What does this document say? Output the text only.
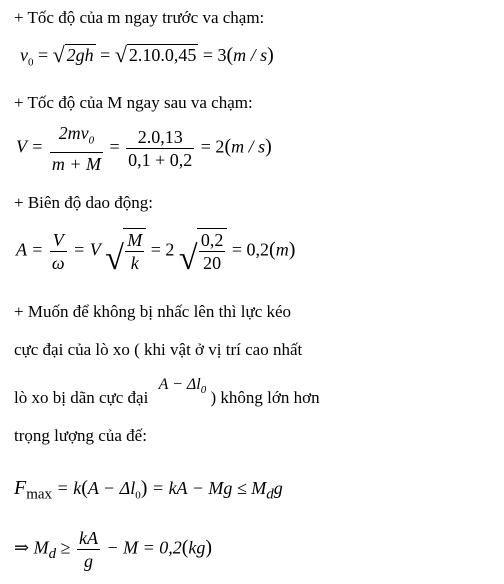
+ Tốc độ của m ngay trước va chạm:
$v_0$ = √ 2gh = √ 2.10.0,45 = 3(m / s)
+ Tốc độ của M ngay sau va chạm:
$V = \frac{2mv_0}{m + M} = \frac{2.0,13}{0,1 + 0,2} = 2(m / s)$
+ Biên độ dao động:
$A = \frac{V}{\omega} = V$ √ $\frac{M}{k} = 2$ √ $\frac{0,2}{20} = 0,2(m)$
+ Muốn để không bị nhấc lên thì lực kéo
cực đại của lò xo ( khi vật ở vị trí cao nhất
lò xo bị dãn cực đại $A - \Delta l_0$ ) không lớn hơn
trọng lượng của đế:
$F_{max} = k(A - \Delta l_0)$ = kA − $Mg \le M_dg$
⇒ $M_d \ge \frac{kA}{g} - M = 0,2(kg)$
